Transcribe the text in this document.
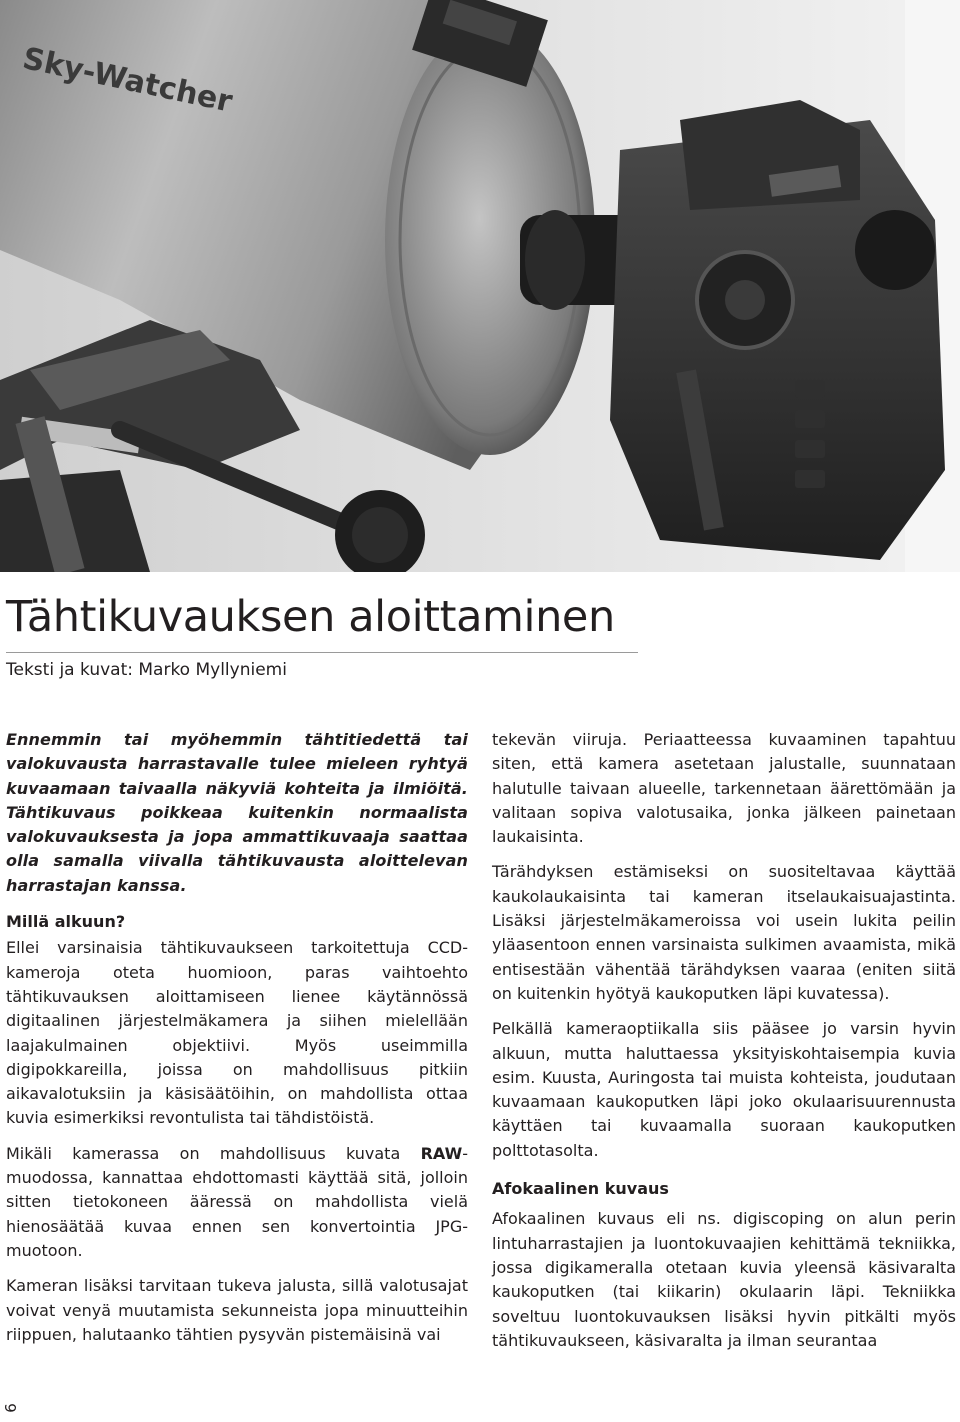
Sky-Watcher
Tähtikuvauksen aloittaminen

Teksti ja kuvat: Marko Myllyniemi

Ennemmin tai myöhemmin tähtitiedettä tai valokuvausta harrastavalle tulee mieleen ryhtyä kuvaamaan taivaalla näkyviä kohteita ja ilmiöitä. Tähtikuvaus poikkeaa kuitenkin normaalista valokuvauksesta ja jopa ammattikuvaaja saattaa olla samalla viivalla tähtikuvausta aloittelevan harrastajan kanssa.

Millä alkuun?

Ellei varsinaisia tähtikuvaukseen tarkoitettuja CCD-kameroja oteta huomioon, paras vaihtoehto tähtikuvauksen aloittamiseen lienee käytännössä digitaalinen järjestelmäkamera ja siihen mielellään laajakulmainen objektiivi. Myös useimmilla digipokkareilla, joissa on mahdollisuus pitkiin aikavalotuksiin ja käsisäätöihin, on mahdollista ottaa kuvia esimerkiksi revontulista tai tähdistöistä.

Mikäli kamerassa on mahdollisuus kuvata RAW-muodossa, kannattaa ehdottomasti käyttää sitä, jolloin sitten tietokoneen ääressä on mahdollista vielä hienosäätää kuvaa ennen sen konvertointia JPG-muotoon.

Kameran lisäksi tarvitaan tukeva jalusta, sillä valotusajat voivat venyä muutamista sekunneista jopa minuutteihin riippuen, halutaanko tähtien pysyvän pistemäisinä vai

tekevän viiruja. Periaatteessa kuvaaminen tapahtuu siten, että kamera asetetaan jalustalle, suunnataan halutulle taivaan alueelle, tarkennetaan äärettömään ja valitaan sopiva valotusaika, jonka jälkeen painetaan laukaisinta.

Tärähdyksen estämiseksi on suositeltavaa käyttää kaukolaukaisinta tai kameran itselaukaisuajastinta. Lisäksi järjestelmäkameroissa voi usein lukita peilin yläasentoon ennen varsinaista sulkimen avaamista, mikä entisestään vähentää tärähdyksen vaaraa (eniten siitä on kuitenkin hyötyä kaukoputken läpi kuvatessa).

Pelkällä kameraoptiikalla siis pääsee jo varsin hyvin alkuun, mutta haluttaessa yksityiskohtaisempia kuvia esim. Kuusta, Auringosta tai muista kohteista, joudutaan kuvaamaan kaukoputken läpi joko okulaarisuurennusta käyttäen tai kuvaamalla suoraan kaukoputken polttotasolta.

Afokaalinen kuvaus

Afokaalinen kuvaus eli ns. digiscoping on alun perin lintuharrastajien ja luontokuvaajien kehittämä tekniikka, jossa digikameralla otetaan kuvia yleensä käsivaralta kaukoputken (tai kiikarin) okulaarin läpi. Tekniikka soveltuu luontokuvauksen lisäksi hyvin pitkälti myös tähtikuvaukseen, käsivaralta ja ilman seurantaa

6
